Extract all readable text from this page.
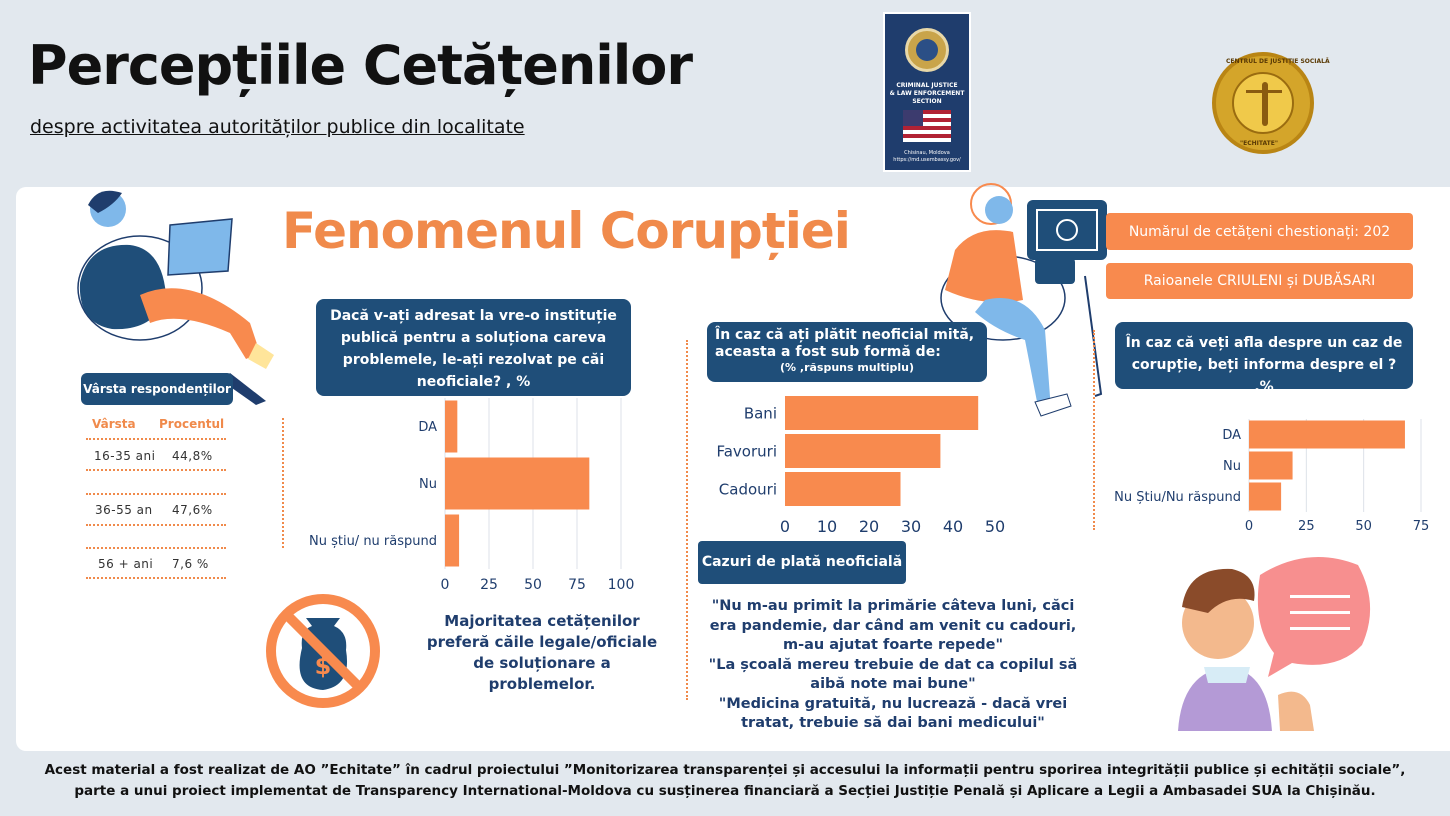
Percepțiile Cetățenilor
despre activitatea autorităților publice din localitate
CRIMINAL JUSTICE
& LAW ENFORCEMENT
SECTION
Chisinau, Moldova
https://md.usembassy.gov/
CENTRUL DE JUSTIȚIE SOCIALĂ
"ECHITATE"
Fenomenul Corupției	Numărul de cetățeni chestionați: 202
Raioanele CRIULENI și DUBĂSARI
Vârsta respondenților
Vârsta Procentul
16-35 ani 44,8%
36-55 an 47,6%
56 + ani 7,6 %
Dacă v-ați adresat la vre-o instituție publică pentru a soluționa careva problemele, le-ați rezolvat pe căi neoficiale? , %
În caz că ați plătit neoficial mită, aceasta a fost sub formă de:
(% ,răspuns multiplu)
În caz că veți afla despre un caz de corupție, beți informa despre el ? ,%
DA
Nu
Nu știu/ nu răspund
0 25 50 75 100
Bani
Favoruri
Cadouri
0 10 20 30 40 50
DA
Nu
Nu Știu/Nu răspund
0	25	50	75
$
Majoritatea cetățenilor preferă căile legale/oficiale de soluționare a problemelor.
Cazuri de plată neoficială
"Nu m-au primit la primărie câteva luni, căci era pandemie, dar când am venit cu cadouri, m-au ajutat foarte repede"
"La școală mereu trebuie de dat ca copilul să aibă note mai bune"
"Medicina gratuită, nu lucrează - dacă vrei tratat, trebuie să dai bani medicului"
Acest material a fost realizat de AO ”Echitate” în cadrul proiectului ”Monitorizarea transparenței și accesului la informații pentru sporirea integrității publice și echității sociale”,
parte a unui proiect implementat de Transparency International-Moldova cu susținerea financiară a Secției Justiție Penală și Aplicare a Legii a Ambasadei SUA la Chișinău.
